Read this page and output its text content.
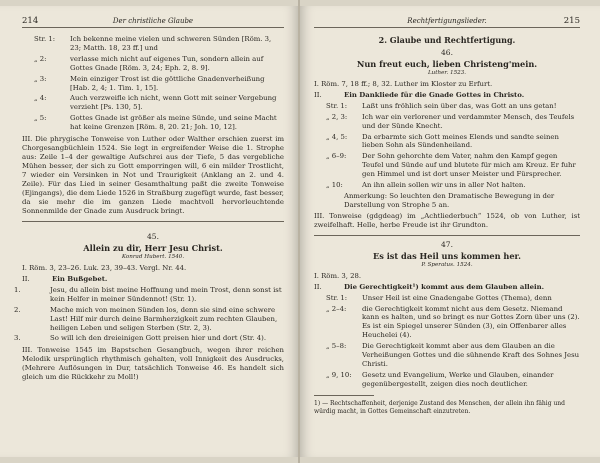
214	Der christliche Glaube
Str. 1: Ich bekenne meine vielen und schweren Sünden [Röm. 3, 23; Matth. 18, 23 ff.] und
„ 2:	verlasse mich nicht auf eigenes Tun, sondern allein auf Gottes Gnade [Röm. 3, 24; Eph. 2, 8. 9].
„ 3:	Mein einziger Trost ist die göttliche Gnadenverheißung [Hab. 2, 4; 1. Tim. 1, 15].
„ 4:	Auch verzweifle ich nicht, wenn Gott mit seiner Vergebung verzieht [Ps. 130, 5].
„ 5:	Gottes Gnade ist größer als meine Sünde, und seine Macht hat keine Grenzen [Röm. 8, 20. 21; Joh. 10, 12].

III. Die phrygische Tonweise von Luther oder Walther erschien zuerst im Chorgesangbüchlein 1524. Sie legt in ergreifender Weise die 1. Strophe aus: Zeile 1–4 der gewaltige Aufschrei aus der Tiefe, 5 das vergebliche Mühen besser, der sich zu Gott emporringen will, 6 ein milder Trostlicht, 7 wieder ein Versinken in Not und Traurigkeit (Anklang an 2. und 4. Zeile). Für das Lied in seiner Gesamthaltung paßt die zweite Tonweise (Ejingangs), die dem Liede 1526 in Straßburg zugefügt wurde, fast besser, da sie mehr die im ganzen Liede machtvoll hervorleuchtende Sonnenmilde der Gnade zum Ausdruck bringt.

45.
Allein zu dir, Herr Jesu Christ.
Konrad Hubert. 1540.
I. Röm. 3, 23–26. Luk. 23, 39–43. Vergl. Nr. 44.
II.	Ein Bußgebet.
1.	Jesu, du allein bist meine Hoffnung und mein Trost, denn sonst ist kein Helfer in meiner Sündennot! (Str. 1).
2.	Mache mich von meinen Sünden los, denn sie sind eine schwere Last! Hilf mir durch deine Barmherzigkeit zum rechten Glauben, heiligen Leben und seligen Sterben (Str. 2, 3).
3.	So will ich den dreieinigen Gott preisen hier und dort (Str. 4).

III. Tonweise 1545 im Bapstschen Gesangbuch, wegen ihrer reichen Melodik ursprünglich rhythmisch gehalten, voll Innigkeit des Ausdrucks, (Mehrere Auflösungen in Dur, tatsächlich Tonweise 46. Es handelt sich gleich um die Rückkehr zu Moll!)

Rechtfertigungslieder.	215
2. Glaube und Rechtfertigung.
46.
Nun freut euch, lieben Christeng'mein.
Luther. 1523.
I. Röm. 7, 18 ff.; 8, 32. Luther im Kloster zu Erfurt.
II.	Ein Dankliede für die Gnade Gottes in Christo.
Str. 1: Laßt uns fröhlich sein über das, was Gott an uns getan!
„ 2, 3: Ich war ein verlorener und verdammter Mensch, des Teufels und der Sünde Knecht.
„ 4, 5: Da erbarmte sich Gott meines Elends und sandte seinen lieben Sohn als Sündenheiland.
„ 6–9: Der Sohn gehorchte dem Vater, nahm den Kampf gegen Teufel und Sünde auf und blutete für mich am Kreuz. Er fuhr gen Himmel und ist dort unser Meister und Fürsprecher.
„ 10:	An ihn allein sollen wir uns in aller Not halten.
Anmerkung: So leuchten den Dramatische Bewegung in der Darstellung von Strophe 5 an.

III. Tonweise (gdgdeag) im „Achtliederbuch“ 1524, ob von Luther, ist zweifelhaft. Helle, herbe Freude ist ihr Grundton.

47.
Es ist das Heil uns kommen her.
P. Speratus. 1524.
I. Röm. 3, 28.
II.	Die Gerechtigkeit¹) kommt aus dem Glauben allein.
Str. 1: Unser Heil ist eine Gnadengabe Gottes (Thema), denn
„ 2–4: die Gerechtigkeit kommt nicht aus dem Gesetz. Niemand kann es halten, und so bringt es nur Gottes Zorn über uns (2). Es ist ein Spiegel unserer Sünden (3), ein Offenbarer alles Heuchelei (4).
„ 5–8: Die Gerechtigkeit kommt aber aus dem Glauben an die Verheißungen Gottes und die sühnende Kraft des Sohnes Jesu Christi.
„ 9, 10: Gesetz und Evangelium, Werke und Glauben, einander gegenübergestellt, zeigen dies noch deutlicher.
1) — Rechtschaffenheit, derjenige Zustand des Menschen, der allein ihn fähig und würdig macht, in Gottes Gemeinschaft einzutreten.
